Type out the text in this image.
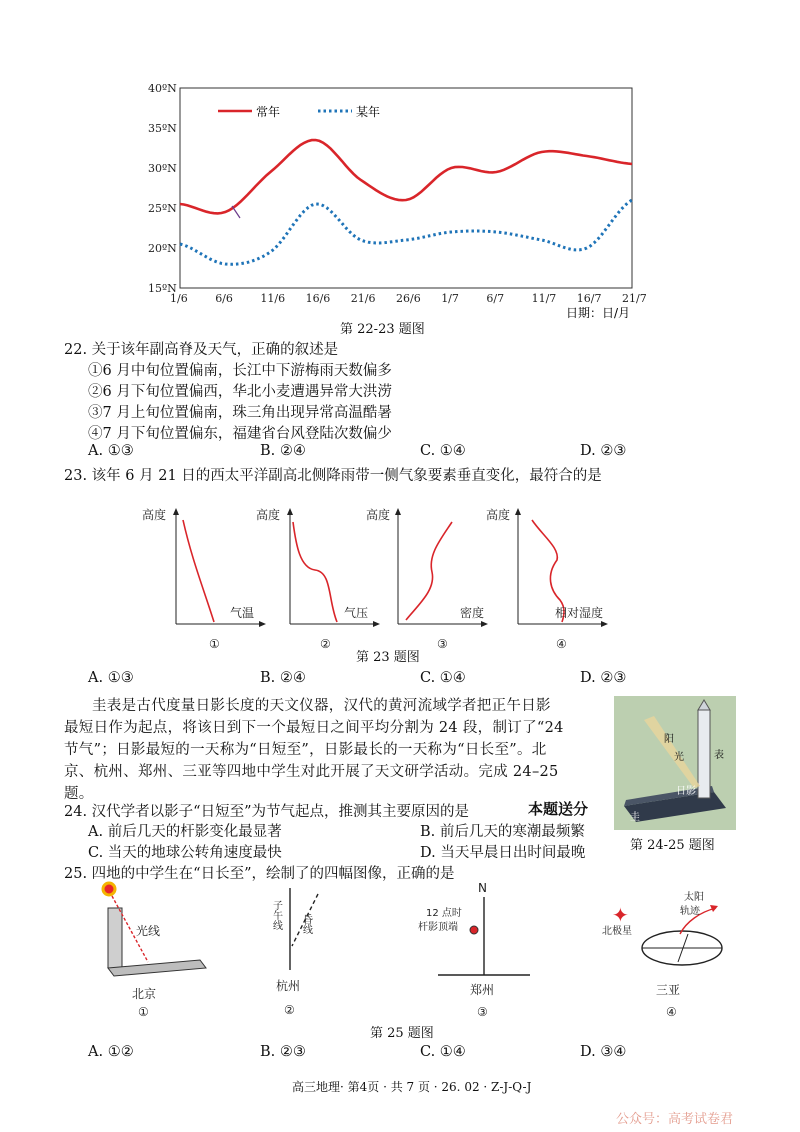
40ºN
35ºN
30ºN
25ºN
20ºN
15ºN
1/6 6/6 11/6 16/6 21/6 26/6 1/7 6/7 11/7 16/7 21/7
常年	某年
日期：日/月
第 22-23 题图
22. 关于该年副高脊及天气，正确的叙述是
①6 月中旬位置偏南，长江中下游梅雨天数偏多
②6 月下旬位置偏西，华北小麦遭遇异常大洪涝
③7 月上旬位置偏南，珠三角出现异常高温酷暑
④7 月下旬位置偏东，福建省台风登陆次数偏少
A. ①③	B. ②④	C. ①④	D. ②③
23. 该年 6 月 21 日的西太平洋副高北侧降雨带一侧气象要素垂直变化，最符合的是
高度
气温
①
高度
气压
②
高度
密度
③
高度
相对湿度
④
第 23 题图
A. ①③	B. ②④	C. ①④	D. ②③
圭表是古代度量日影长度的天文仪器，汉代的黄河流域学者把正午日影
最短日作为起点，将该日到下一个最短日之间平均分割为 24 段，制订了“24
节气”；日影最短的一天称为“日短至”，日影最长的一天称为“日长至”。北
京、杭州、郑州、三亚等四地中学生对此开展了天文研学活动。完成 24–25
题。
阳
光	表
日影
圭
第 24-25 题图
24. 汉代学者以影子“日短至”为节气起点，推测其主要原因的是	本题送分
A. 前后几天的杆影变化最显著	B. 前后几天的寒潮最频繁
C. 当天的地球公转角速度最快	D. 当天早晨日出时间最晚
25. 四地的中学生在“日长至”，绘制了的四幅图像，正确的是
光线
北京
①
子午线 昏线
杭州
②
N
12 点时
杆影顶端
郑州
③
✦
北极星
太阳
轨迹
三亚
④
第 25 题图
A. ①②	B. ②③	C. ①④	D. ③④
高三地理· 第4页 · 共 7 页 · 26. 02 · Z-J-Q-J
公众号：高考试卷君
